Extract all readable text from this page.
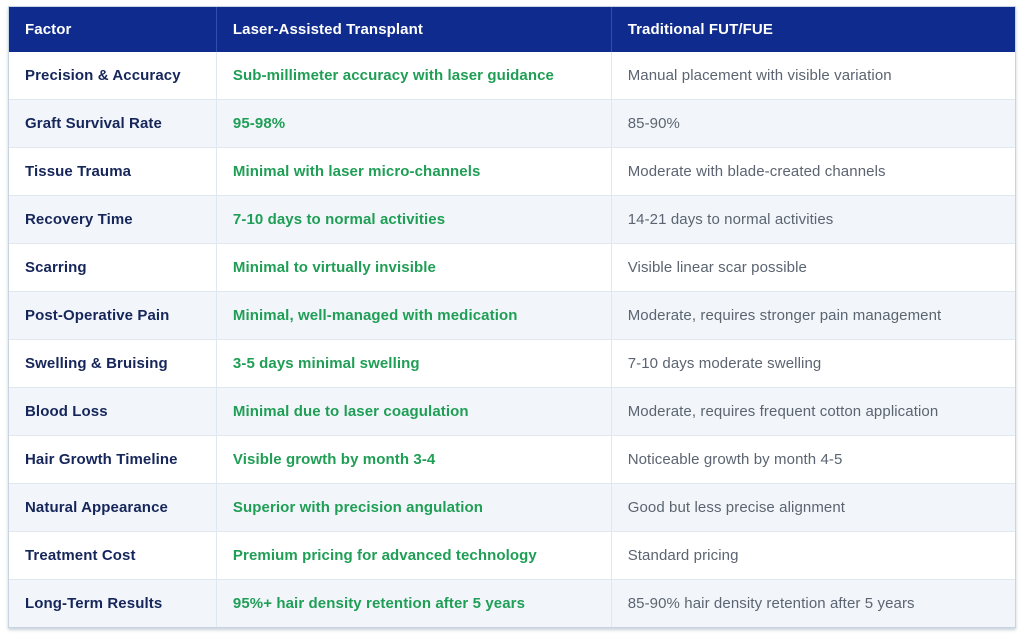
Factor	Laser-Assisted Transplant	Traditional FUT/FUE
Precision & Accuracy	Sub-millimeter accuracy with laser guidance	Manual placement with visible variation
Graft Survival Rate	95-98%	85-90%
Tissue Trauma	Minimal with laser micro-channels	Moderate with blade-created channels
Recovery Time	7-10 days to normal activities	14-21 days to normal activities
Scarring	Minimal to virtually invisible	Visible linear scar possible
Post-Operative Pain	Minimal, well-managed with medication	Moderate, requires stronger pain management
Swelling & Bruising	3-5 days minimal swelling	7-10 days moderate swelling
Blood Loss	Minimal due to laser coagulation	Moderate, requires frequent cotton application
Hair Growth Timeline	Visible growth by month 3-4	Noticeable growth by month 4-5
Natural Appearance	Superior with precision angulation	Good but less precise alignment
Treatment Cost	Premium pricing for advanced technology	Standard pricing
Long-Term Results	95%+ hair density retention after 5 years	85-90% hair density retention after 5 years
